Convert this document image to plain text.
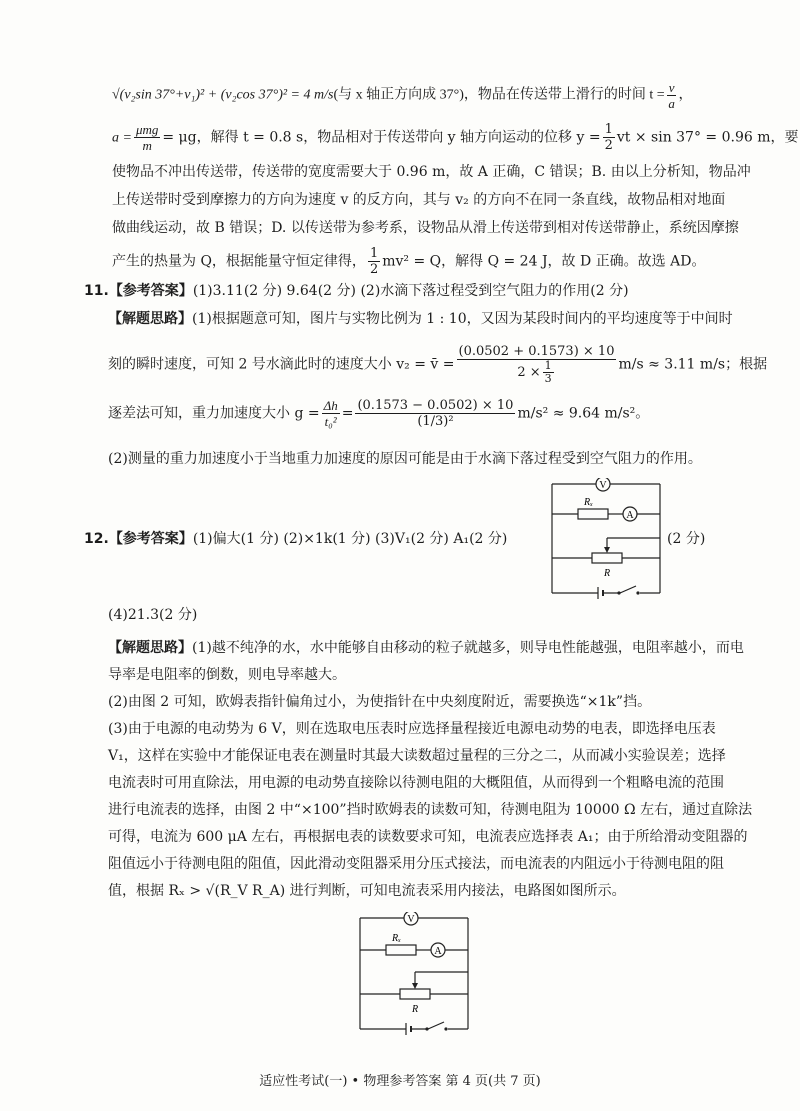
√(v₂sin 37°+v₁)² + (v₂cos 37°)² = 4 m/s(与 x 轴正方向成 37°)，物品在传送带上滑行的时间 $t = \frac{v}{a}$ ，
$a = \frac{\text{μmg}}{m} = \mu g$，解得 t = 0.8 s，物品相对于传送带向 y 轴方向运动的位移 $y = \frac{1}{2}$ vt × sin 37° = 0.96 m，要
使物品不冲出传送带，传送带的宽度需要大于 0.96 m，故 A 正确，C 错误；B. 由以上分析知，物品冲
上传送带时受到摩擦力的方向为速度 v 的反方向，其与 v₂ 的方向不在同一条直线，故物品相对地面
做曲线运动，故 B 错误；D. 以传送带为参考系，设物品从滑上传送带到相对传送带静止，系统因摩擦
产生的热量为 Q，根据能量守恒定律得， $\frac{1}{2} mv^2 = Q$，解得 Q = 24 J，故 D 正确。故选 AD。
11.【参考答案】(1)3.11(2 分) 9.64(2 分) (2)水滴下落过程受到空气阻力的作用(2 分)
【解题思路】(1)根据题意可知，图片与实物比例为 1 : 10，又因为某段时间内的平均速度等于中间时
刻的瞬时速度，可知 2 号水滴此时的速度大小 v₂ = v̄ = $\frac{(0.0502 + 0.1573) \times 10}{2 \times \frac{1}{3}} m/s \approx 3.11$ m/s；根据
逐差法可知，重力加速度大小 $g = \frac{\Delta h}{\text{t₀²}} = \frac{(0.1573 - 0.0502) \times 10}{\text{(1/3)²}} m/s^2 \approx 9.64$ m/s²。
(2)测量的重力加速度小于当地重力加速度的原因可能是由于水滴下落过程受到空气阻力的作用。
12.【参考答案】(1)偏大(1 分) (2)×1k(1 分) (3)V₁(2 分) A₁(2 分)	(2 分)
V
A
Rₓ
R
(4)21.3(2 分)
【解题思路】(1)越不纯净的水，水中能够自由移动的粒子就越多，则导电性能越强，电阻率越小，而电
导率是电阻率的倒数，则电导率越大。
(2)由图 2 可知，欧姆表指针偏角过小，为使指针在中央刻度附近，需要换选“×1k”挡。
(3)由于电源的电动势为 6 V，则在选取电压表时应选择量程接近电源电动势的电表，即选择电压表
V₁，这样在实验中才能保证电表在测量时其最大读数超过量程的三分之二，从而减小实验误差；选择
电流表时可用直除法，用电源的电动势直接除以待测电阻的大概阻值，从而得到一个粗略电流的范围
进行电流表的选择，由图 2 中“×100”挡时欧姆表的读数可知，待测电阻为 10000 Ω 左右，通过直除法
可得，电流为 600 μA 左右，再根据电表的读数要求可知，电流表应选择表 A₁；由于所给滑动变阻器的
阻值远小于待测电阻的阻值，因此滑动变阻器采用分压式接法，而电流表的内阻远小于待测电阻的阻
值，根据 Rₓ > √(R_V R_A) 进行判断，可知电流表采用内接法，电路图如图所示。
V
A
Rₓ
R
适应性考试(一) • 物理参考答案 第 4 页(共 7 页)
